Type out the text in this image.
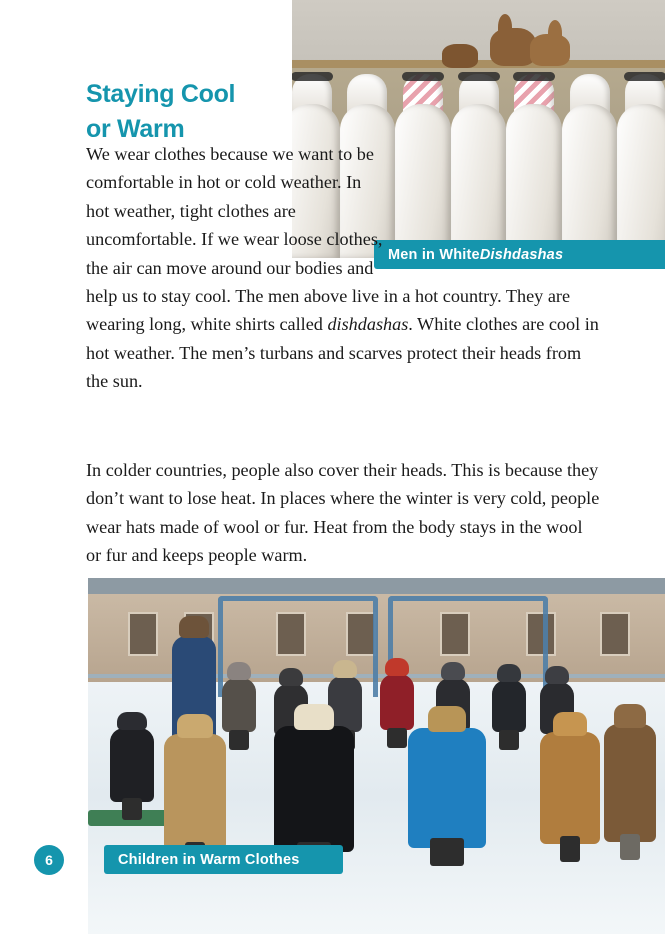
Men in White Dishdashas
Staying Cool
or Warm
We wear clothes because we want to be comfortable in hot or cold weather. In hot weather, tight clothes are uncomfortable. If we wear loose clothes, the air can move around our bodies and help us to stay cool. The men above live in a hot country. They are wearing long, white shirts called dishdashas. White clothes are cool in hot weather. The men’s turbans and scarves protect their heads from the sun.
In colder countries, people also cover their heads. This is because they don’t want to lose heat. In places where the winter is very cold, people wear hats made of wool or fur. Heat from the body stays in the wool or fur and keeps people warm.
Children in Warm Clothes
6
